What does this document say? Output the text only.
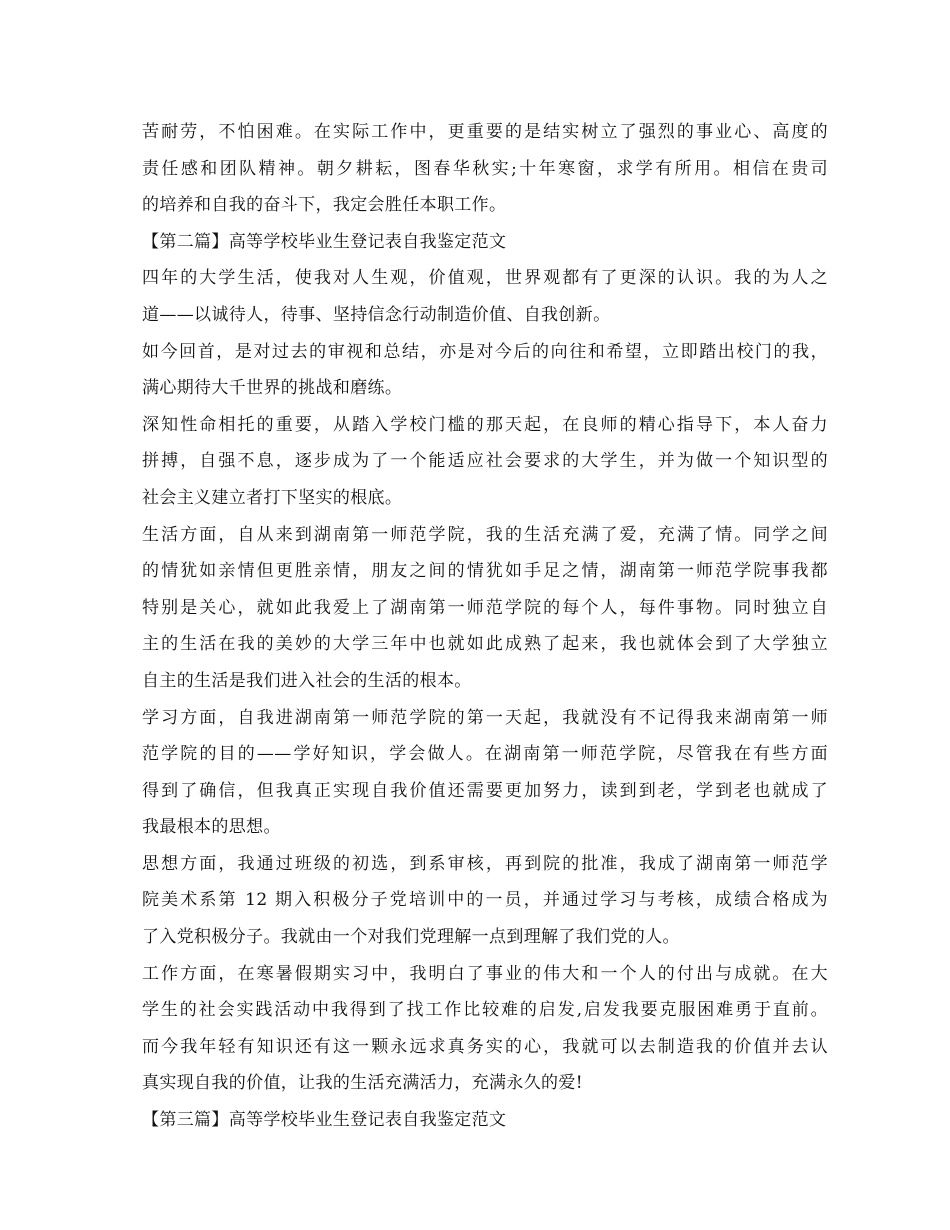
苦耐劳，不怕困难。在实际工作中，更重要的是结实树立了强烈的事业心、高度的
责任感和团队精神。朝夕耕耘，图春华秋实;十年寒窗，求学有所用。相信在贵司
的培养和自我的奋斗下，我定会胜任本职工作。
【第二篇】高等学校毕业生登记表自我鉴定范文
四年的大学生活，使我对人生观，价值观，世界观都有了更深的认识。我的为人之
道——以诚待人，待事、坚持信念行动制造价值、自我创新。
如今回首，是对过去的审视和总结，亦是对今后的向往和希望，立即踏出校门的我，
满心期待大千世界的挑战和磨练。
深知性命相托的重要，从踏入学校门槛的那天起，在良师的精心指导下，本人奋力
拼搏，自强不息，逐步成为了一个能适应社会要求的大学生，并为做一个知识型的
社会主义建立者打下坚实的根底。
生活方面，自从来到湖南第一师范学院，我的生活充满了爱，充满了情。同学之间
的情犹如亲情但更胜亲情，朋友之间的情犹如手足之情，湖南第一师范学院事我都
特别是关心，就如此我爱上了湖南第一师范学院的每个人，每件事物。同时独立自
主的生活在我的美妙的大学三年中也就如此成熟了起来，我也就体会到了大学独立
自主的生活是我们进入社会的生活的根本。
学习方面，自我进湖南第一师范学院的第一天起，我就没有不记得我来湖南第一师
范学院的目的——学好知识，学会做人。在湖南第一师范学院，尽管我在有些方面
得到了确信，但我真正实现自我价值还需要更加努力，读到到老，学到老也就成了
我最根本的思想。
思想方面，我通过班级的初选，到系审核，再到院的批准，我成了湖南第一师范学
院美术系第 12 期入积极分子党培训中的一员，并通过学习与考核，成绩合格成为
了入党积极分子。我就由一个对我们党理解一点到理解了我们党的人。
工作方面，在寒暑假期实习中，我明白了事业的伟大和一个人的付出与成就。在大
学生的社会实践活动中我得到了找工作比较难的启发,启发我要克服困难勇于直前。
而今我年轻有知识还有这一颗永远求真务实的心，我就可以去制造我的价值并去认
真实现自我的价值，让我的生活充满活力，充满永久的爱!
【第三篇】高等学校毕业生登记表自我鉴定范文
